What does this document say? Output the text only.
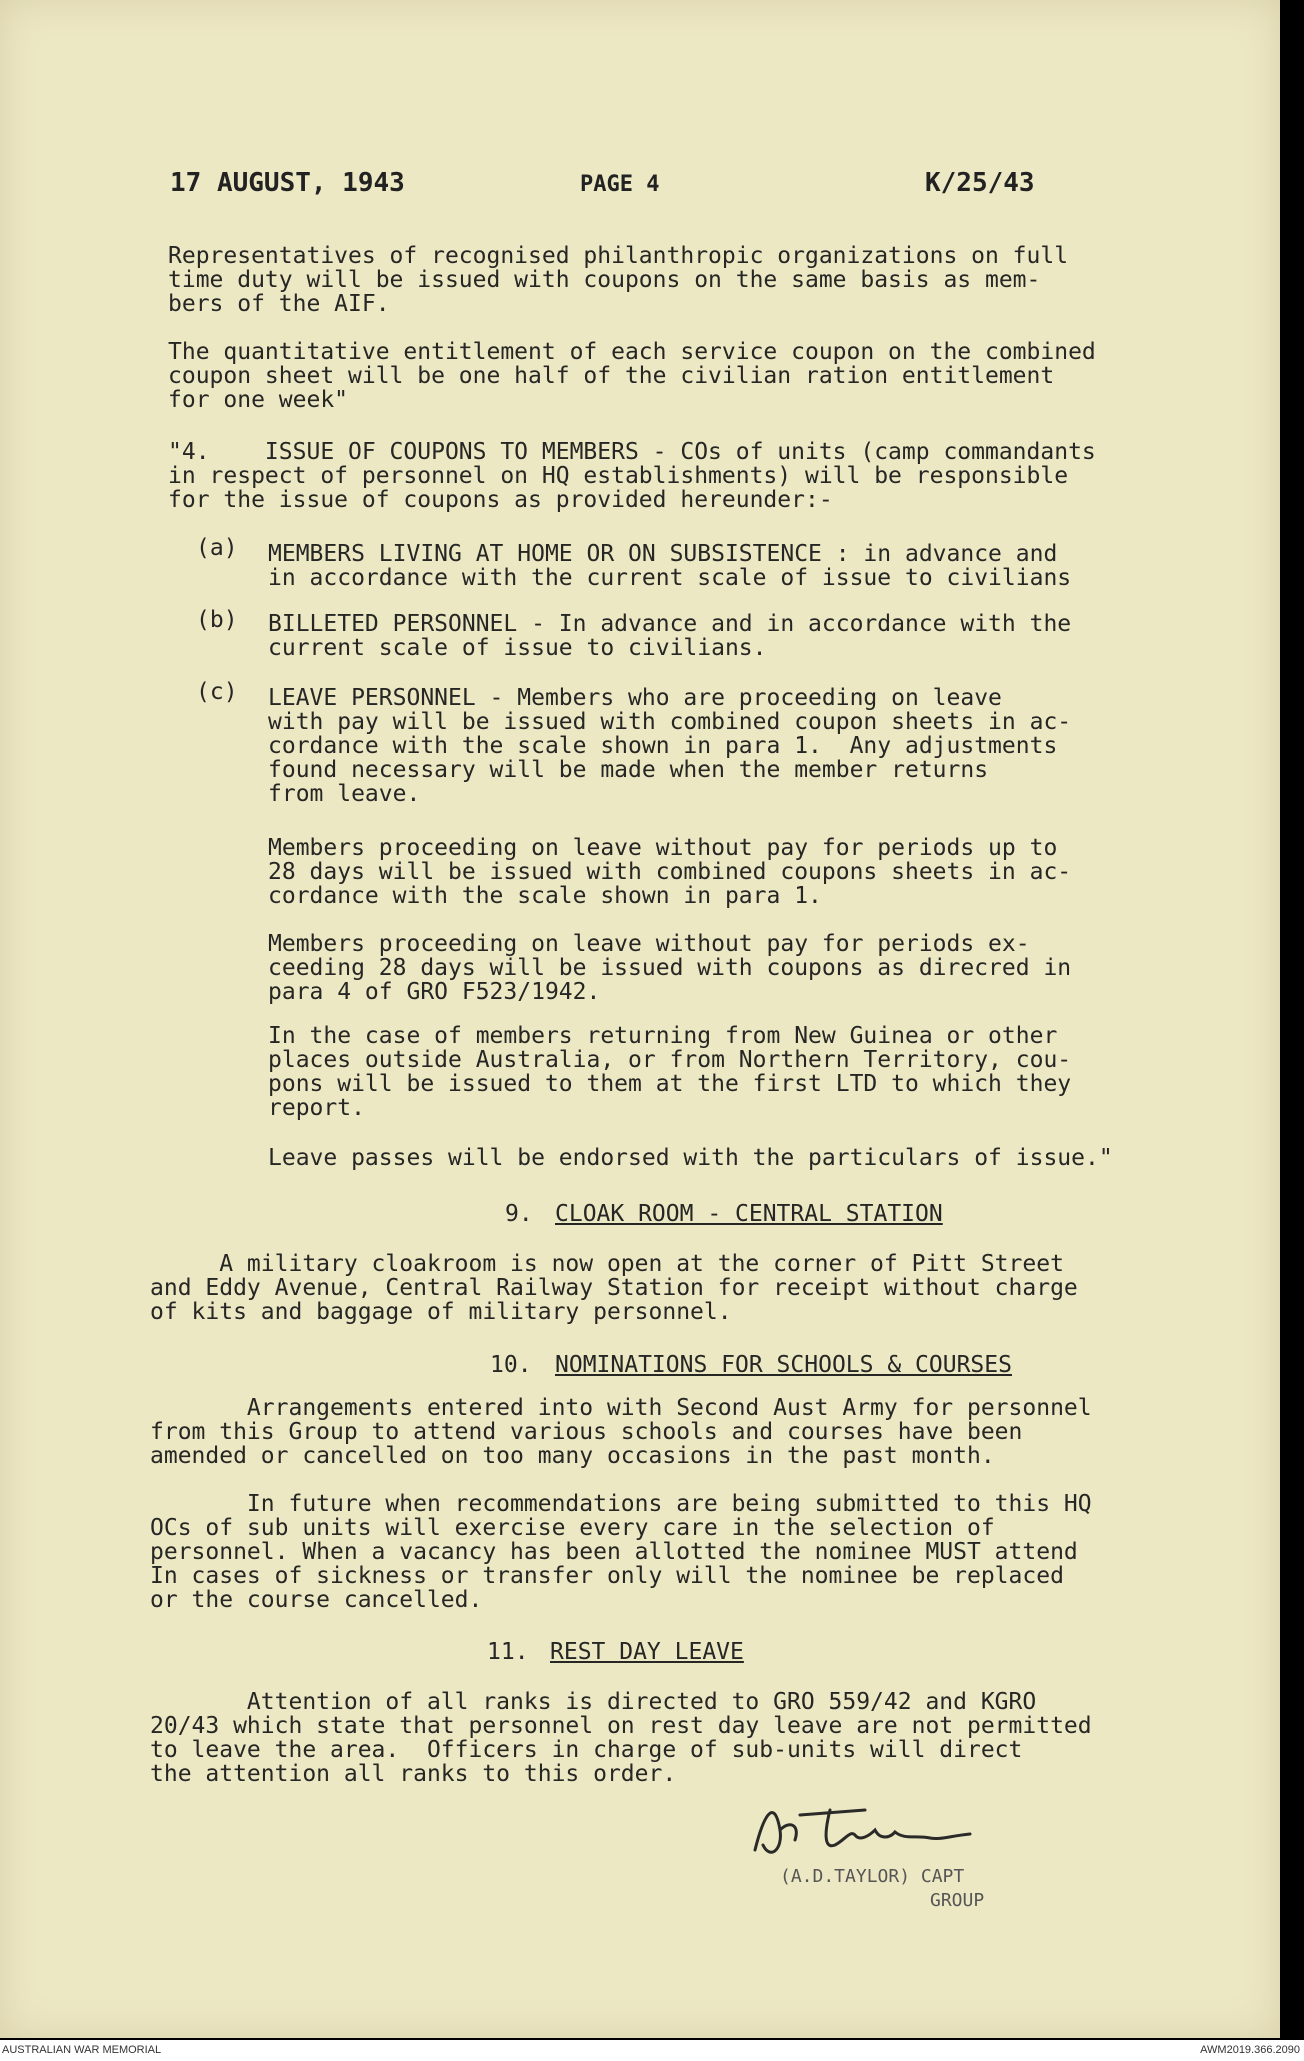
17 AUGUST, 1943	PAGE 4	K/25/43
Representatives of recognised philanthropic organizations on full
time duty will be issued with coupons on the same basis as mem-
bers of the AIF.
The quantitative entitlement of each service coupon on the combined
coupon sheet will be one half of the civilian ration entitlement
for one week"
"4.    ISSUE OF COUPONS TO MEMBERS - COs of units (camp commandants
in respect of personnel on HQ establishments) will be responsible
for the issue of coupons as provided hereunder:-
(a) MEMBERS LIVING AT HOME OR ON SUBSISTENCE : in advance and
in accordance with the current scale of issue to civilians
(b) BILLETED PERSONNEL - In advance and in accordance with the
current scale of issue to civilians.
(c) LEAVE PERSONNEL - Members who are proceeding on leave
with pay will be issued with combined coupon sheets in ac-
cordance with the scale shown in para 1.  Any adjustments
found necessary will be made when the member returns
from leave.
Members proceeding on leave without pay for periods up to
28 days will be issued with combined coupons sheets in ac-
cordance with the scale shown in para 1.
Members proceeding on leave without pay for periods ex-
ceeding 28 days will be issued with coupons as direcred in
para 4 of GRO F523/1942.
In the case of members returning from New Guinea or other
places outside Australia, or from Northern Territory, cou-
pons will be issued to them at the first LTD to which they
report.
Leave passes will be endorsed with the particulars of issue."
9. CLOAK ROOM - CENTRAL STATION
A military cloakroom is now open at the corner of Pitt Street
and Eddy Avenue, Central Railway Station for receipt without charge
of kits and baggage of military personnel.
10. NOMINATIONS FOR SCHOOLS & COURSES
Arrangements entered into with Second Aust Army for personnel
from this Group to attend various schools and courses have been
amended or cancelled on too many occasions in the past month.
In future when recommendations are being submitted to this HQ
OCs of sub units will exercise every care in the selection of
personnel. When a vacancy has been allotted the nominee MUST attend
In cases of sickness or transfer only will the nominee be replaced
or the course cancelled.
11. REST DAY LEAVE
Attention of all ranks is directed to GRO 559/42 and KGRO
20/43 which state that personnel on rest day leave are not permitted
to leave the area.  Officers in charge of sub-units will direct
the attention all ranks to this order.
(A.D.TAYLOR) CAPT
GROUP
AUSTRALIAN WAR MEMORIAL	AWM2019.366.2090
